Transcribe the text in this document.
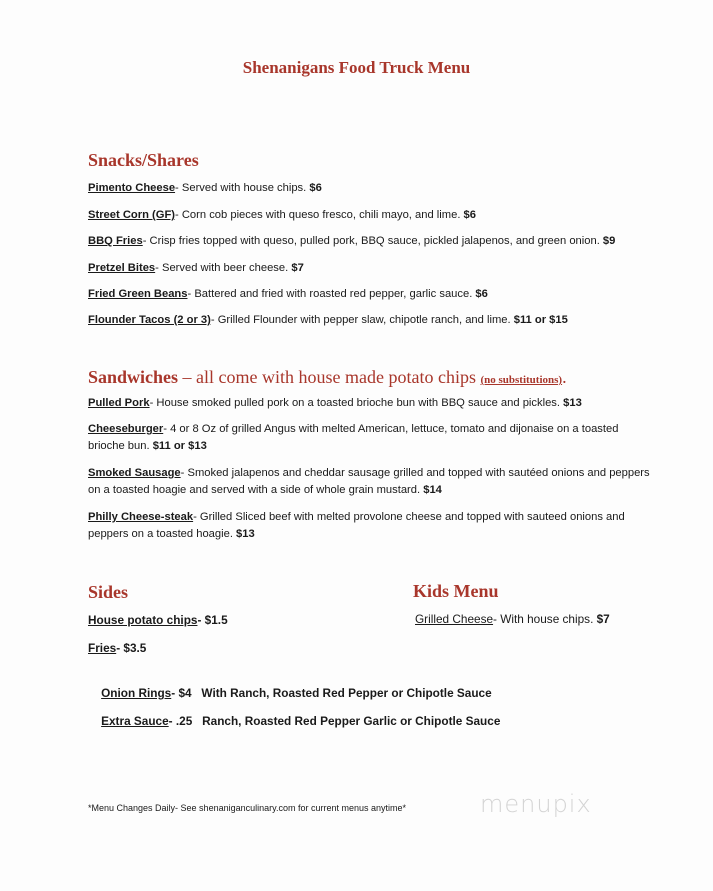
Shenanigans Food Truck Menu
Snacks/Shares
Pimento Cheese- Served with house chips. $6
Street Corn (GF)- Corn cob pieces with queso fresco, chili mayo, and lime. $6
BBQ Fries- Crisp fries topped with queso, pulled pork, BBQ sauce, pickled jalapenos, and green onion. $9
Pretzel Bites- Served with beer cheese. $7
Fried Green Beans- Battered and fried with roasted red pepper, garlic sauce. $6
Flounder Tacos (2 or 3)- Grilled Flounder with pepper slaw, chipotle ranch, and lime. $11 or $15
Sandwiches – all come with house made potato chips (no substitutions).
Pulled Pork- House smoked pulled pork on a toasted brioche bun with BBQ sauce and pickles. $13
Cheeseburger- 4 or 8 Oz of grilled Angus with melted American, lettuce, tomato and dijonaise on a toasted brioche bun. $11 or $13
Smoked Sausage- Smoked jalapenos and cheddar sausage grilled and topped with sautéed onions and peppers on a toasted hoagie and served with a side of whole grain mustard. $14
Philly Cheese-steak- Grilled Sliced beef with melted provolone cheese and topped with sauteed onions and peppers on a toasted hoagie. $13
Sides
House potato chips- $1.5
Fries- $3.5

Onion Rings- $4   With Ranch, Roasted Red Pepper or Chipotle Sauce

Extra Sauce- .25   Ranch, Roasted Red Pepper Garlic or Chipotle Sauce

Kids Menu
Grilled Cheese- With house chips. $7
*Menu Changes Daily- See shenaniganculinary.com for current menus anytime*	menupix
